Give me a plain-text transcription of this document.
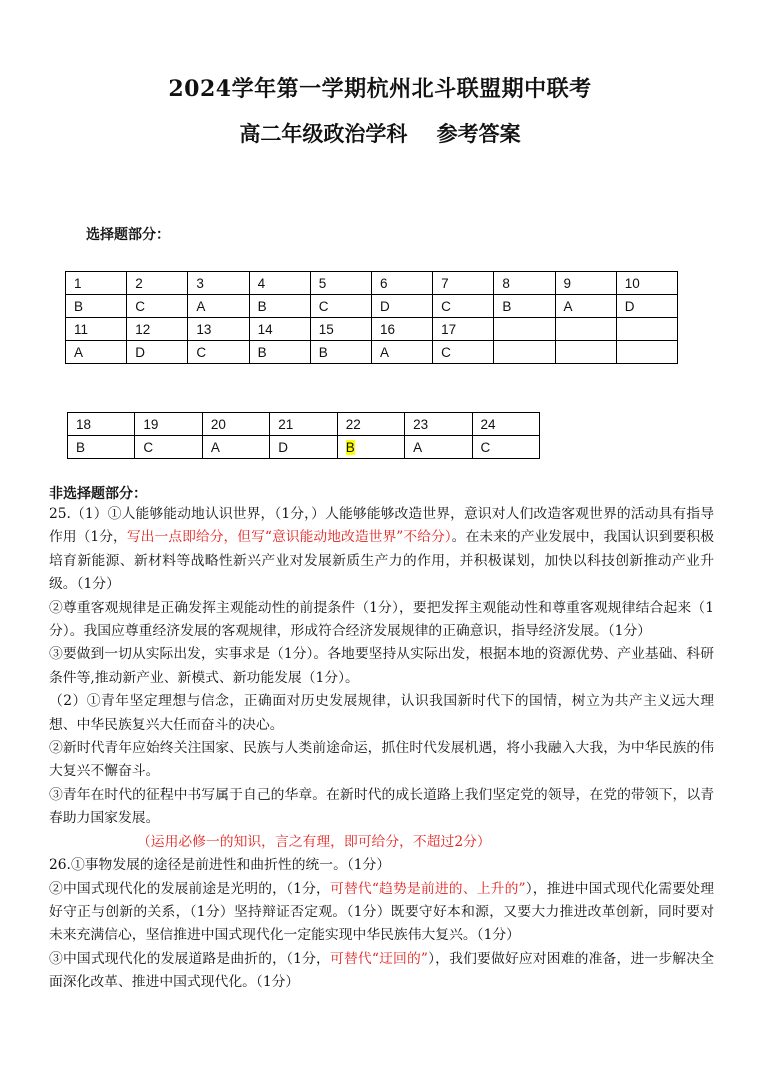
2024学年第一学期杭州北斗联盟期中联考
高二年级政治学科    参考答案
选择题部分：
1	2	3	4	5	6	7	8	9	10
B	C	A	B	C	D	C	B	A	D
11	12	13	14	15	16	17			
A	D	C	B	B	A	C			
18	19	20	21	22	23	24
B	C	A	D	B	A	C
非选择题部分：

25.（1）①人能够能动地认识世界，（1分，）人能够能够改造世界，意识对人们改造客观世界的活动具有指导作用（1分，写出一点即给分，但写“意识能动地改造世界”不给分）。在未来的产业发展中，我国认识到要积极培育新能源、新材料等战略性新兴产业对发展新质生产力的作用，并积极谋划，加快以科技创新推动产业升级。（1分）

②尊重客观规律是正确发挥主观能动性的前提条件（1分），要把发挥主观能动性和尊重客观规律结合起来（1分）。我国应尊重经济发展的客观规律，形成符合经济发展规律的正确意识，指导经济发展。（1分）

③要做到一切从实际出发，实事求是（1分）。各地要坚持从实际出发，根据本地的资源优势、产业基础、科研条件等,推动新产业、新模式、新功能发展（1分）。

（2）①青年坚定理想与信念，正确面对历史发展规律，认识我国新时代下的国情，树立为共产主义远大理想、中华民族复兴大任而奋斗的决心。

②新时代青年应始终关注国家、民族与人类前途命运，抓住时代发展机遇，将小我融入大我，为中华民族的伟大复兴不懈奋斗。

③青年在时代的征程中书写属于自己的华章。在新时代的成长道路上我们坚定党的领导，在党的带领下，以青春助力国家发展。

（运用必修一的知识，言之有理，即可给分，不超过2分）

26.①事物发展的途径是前进性和曲折性的统一。（1分）

②中国式现代化的发展前途是光明的，（1分，可替代“趋势是前进的、上升的”），推进中国式现代化需要处理好守正与创新的关系，（1分）坚持辩证否定观。（1分）既要守好本和源，又要大力推进改革创新，同时要对未来充满信心，坚信推进中国式现代化一定能实现中华民族伟大复兴。（1分）

③中国式现代化的发展道路是曲折的，（1分，可替代“迂回的”），我们要做好应对困难的准备，进一步解决全面深化改革、推进中国式现代化。（1分）
